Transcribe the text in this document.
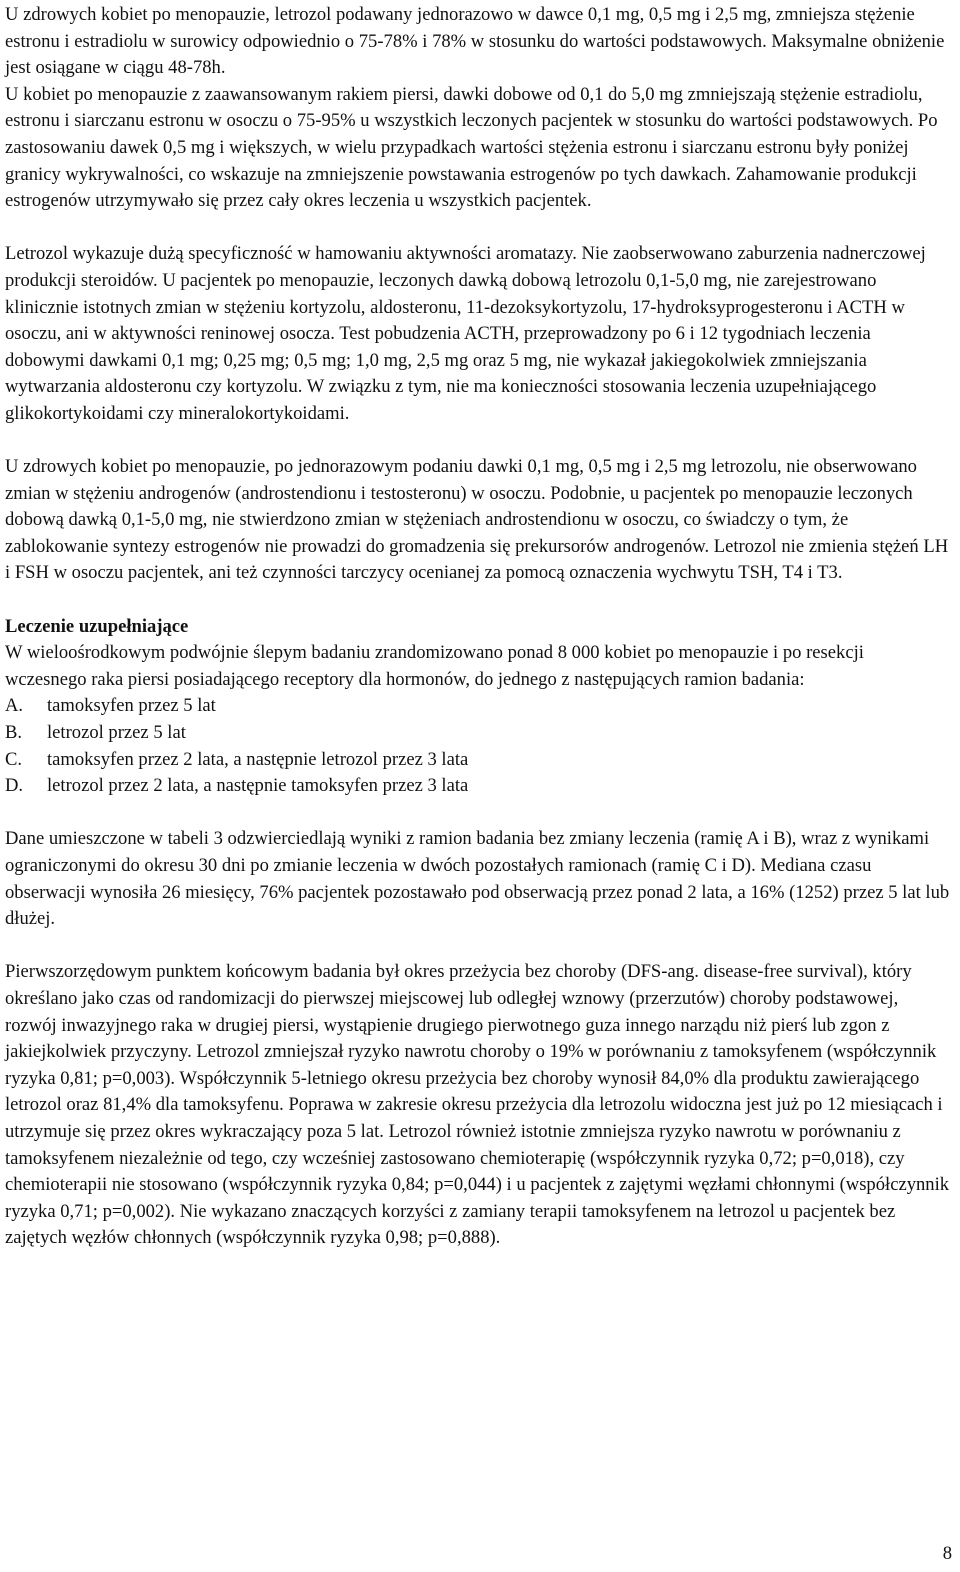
U zdrowych kobiet po menopauzie, letrozol podawany jednorazowo w dawce 0,1 mg, 0,5 mg i 2,5 mg, zmniejsza stężenie estronu i estradiolu w surowicy odpowiednio o 75-78% i 78% w stosunku do wartości podstawowych. Maksymalne obniżenie jest osiągane w ciągu 48-78h.

U kobiet po menopauzie z zaawansowanym rakiem piersi, dawki dobowe od 0,1 do 5,0 mg zmniejszają stężenie estradiolu, estronu i siarczanu estronu w osoczu o 75-95% u wszystkich leczonych pacjentek w stosunku do wartości podstawowych. Po zastosowaniu dawek 0,5 mg i większych, w wielu przypadkach wartości stężenia estronu i siarczanu estronu były poniżej granicy wykrywalności, co wskazuje na zmniejszenie powstawania estrogenów po tych dawkach. Zahamowanie produkcji estrogenów utrzymywało się przez cały okres leczenia u wszystkich pacjentek.

Letrozol wykazuje dużą specyficzność w hamowaniu aktywności aromatazy. Nie zaobserwowano zaburzenia nadnerczowej produkcji steroidów. U pacjentek po menopauzie, leczonych dawką dobową letrozolu 0,1-5,0 mg, nie zarejestrowano klinicznie istotnych zmian w stężeniu kortyzolu, aldosteronu, 11-dezoksykortyzolu, 17-hydroksyprogesteronu i ACTH w osoczu, ani w aktywności reninowej osocza. Test pobudzenia ACTH, przeprowadzony po 6 i 12 tygodniach leczenia dobowymi dawkami 0,1 mg; 0,25 mg; 0,5 mg; 1,0 mg, 2,5 mg oraz 5 mg, nie wykazał jakiegokolwiek zmniejszania wytwarzania aldosteronu czy kortyzolu. W związku z tym, nie ma konieczności stosowania leczenia uzupełniającego glikokortykoidami czy mineralokortykoidami.

U zdrowych kobiet po menopauzie, po jednorazowym podaniu dawki 0,1 mg, 0,5 mg i 2,5 mg letrozolu, nie obserwowano zmian w stężeniu androgenów (androstendionu i testosteronu) w osoczu. Podobnie, u pacjentek po menopauzie leczonych dobową dawką 0,1-5,0 mg, nie stwierdzono zmian w stężeniach androstendionu w osoczu, co świadczy o tym, że zablokowanie syntezy estrogenów nie prowadzi do gromadzenia się prekursorów androgenów. Letrozol nie zmienia stężeń LH i FSH w osoczu pacjentek, ani też czynności tarczycy ocenianej za pomocą oznaczenia wychwytu TSH, T4 i T3.

Leczenie uzupełniające

W wieloośrodkowym podwójnie ślepym badaniu zrandomizowano ponad 8 000 kobiet po menopauzie i po resekcji wczesnego raka piersi posiadającego receptory dla hormonów, do jednego z następujących ramion badania:

A. tamoksyfen przez 5 lat
B. letrozol przez 5 lat
C. tamoksyfen przez 2 lata, a następnie letrozol przez 3 lata
D. letrozol przez 2 lata, a następnie tamoksyfen przez 3 lata

Dane umieszczone w tabeli 3 odzwierciedlają wyniki z ramion badania bez zmiany leczenia (ramię A i B), wraz z wynikami ograniczonymi do okresu 30 dni po zmianie leczenia w dwóch pozostałych ramionach (ramię C i D). Mediana czasu obserwacji wynosiła 26 miesięcy, 76% pacjentek pozostawało pod obserwacją przez ponad 2 lata, a 16% (1252) przez 5 lat lub dłużej.

Pierwszorzędowym punktem końcowym badania był okres przeżycia bez choroby (DFS-ang. disease-free survival), który określano jako czas od randomizacji do pierwszej miejscowej lub odległej wznowy (przerzutów) choroby podstawowej, rozwój inwazyjnego raka w drugiej piersi, wystąpienie drugiego pierwotnego guza innego narządu niż pierś lub zgon z jakiejkolwiek przyczyny. Letrozol zmniejszał ryzyko nawrotu choroby o 19% w porównaniu z tamoksyfenem (współczynnik ryzyka 0,81; p=0,003). Współczynnik 5-letniego okresu przeżycia bez choroby wynosił 84,0% dla produktu zawierającego letrozol oraz 81,4% dla tamoksyfenu. Poprawa w zakresie okresu przeżycia dla letrozolu widoczna jest już po 12 miesiącach i utrzymuje się przez okres wykraczający poza 5 lat. Letrozol również istotnie zmniejsza ryzyko nawrotu w porównaniu z tamoksyfenem niezależnie od tego, czy wcześniej zastosowano chemioterapię (współczynnik ryzyka 0,72; p=0,018), czy chemioterapii nie stosowano (współczynnik ryzyka 0,84; p=0,044) i u pacjentek z zajętymi węzłami chłonnymi (współczynnik ryzyka 0,71; p=0,002). Nie wykazano znaczących korzyści z zamiany terapii tamoksyfenem na letrozol u pacjentek bez zajętych węzłów chłonnych (współczynnik ryzyka 0,98; p=0,888).

8
